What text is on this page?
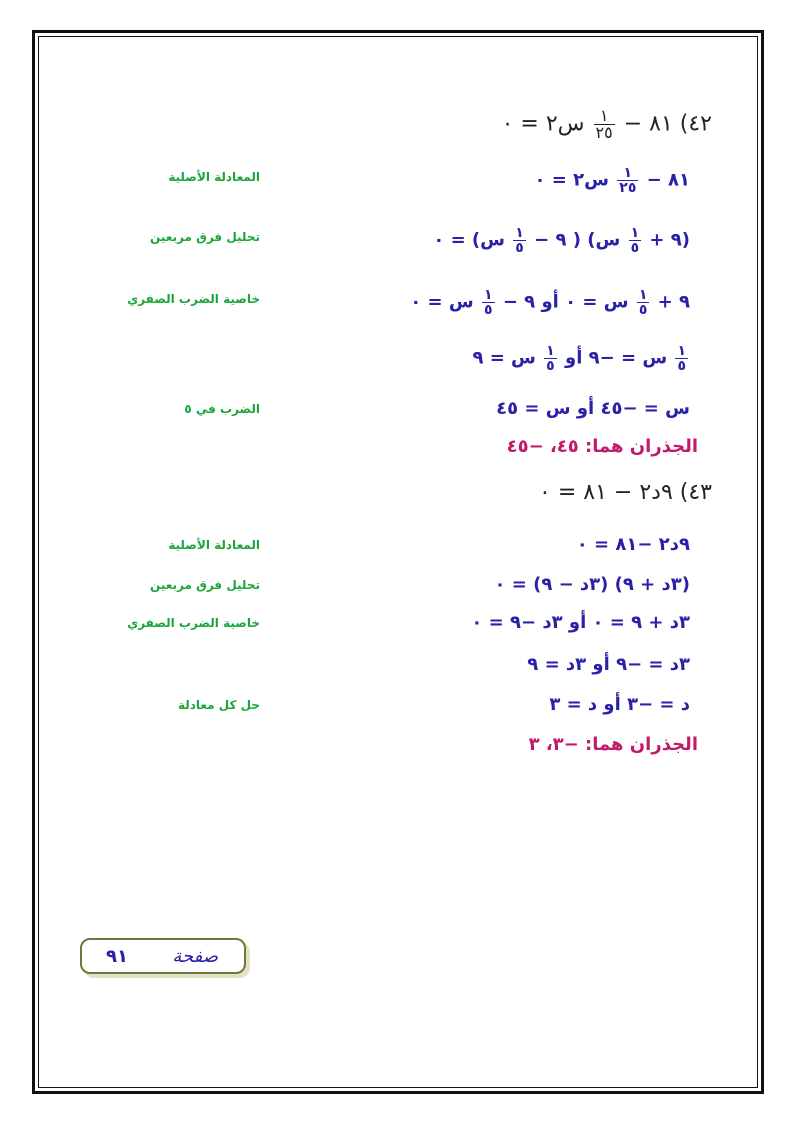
٤٢) ٨١ −
$\frac{١}{٢٥}$
س٢ = ٠
٨١ −
$\frac{١}{٢٥}$
س٢ = ٠
المعادلة الأصلية
(٩ +
$\frac{١}{٥}$
س) ( ٩ −
$\frac{١}{٥}$
س) = ٠
تحليل فرق مربعين
٩ +
$\frac{١}{٥}$
س = ٠ أو ٩ −
$\frac{١}{٥}$
س = ٠
خاصية الضرب الصفري
$\frac{١}{٥}$
س = −٩ أو
$\frac{١}{٥}$
س = ٩
س = −٤٥ أو س = ٤٥
الضرب في ٥
الجذران هما: ٤٥، −٤٥
٤٣) ٩د٢ − ٨١ = ٠
٩د٢ −٨١ = ٠
المعادلة الأصلية
(٣د + ٩) (٣د − ٩) = ٠
تحليل فرق مربعين
٣د + ٩ = ٠ أو ٣د −٩ = ٠
خاصية الضرب الصفري
٣د = −٩ أو ٣د = ٩
د = −٣ أو د = ٣
حل كل معادلة
الجذران هما: −٣، ٣
صفحة
٩١
